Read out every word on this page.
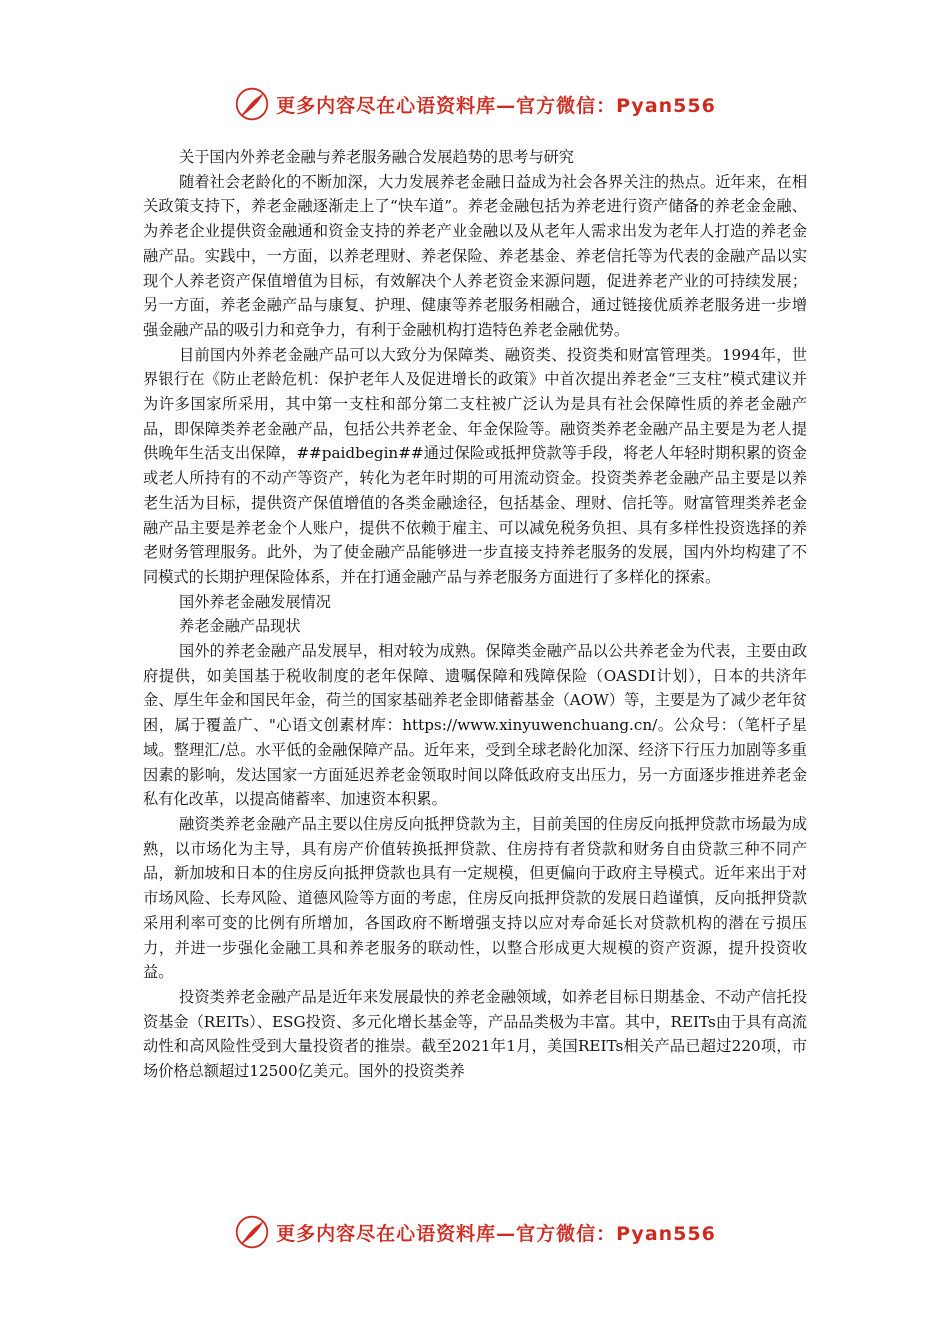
更多内容尽在心语资料库—官方微信：Pyan556
关于国内外养老金融与养老服务融合发展趋势的思考与研究

随着社会老龄化的不断加深，大力发展养老金融日益成为社会各界关注的热点。近年来，在相关政策支持下，养老金融逐渐走上了“快车道”。养老金融包括为养老进行资产储备的养老金金融、为养老企业提供资金融通和资金支持的养老产业金融以及从老年人需求出发为老年人打造的养老金融产品。实践中，一方面，以养老理财、养老保险、养老基金、养老信托等为代表的金融产品以实现个人养老资产保值增值为目标，有效解决个人养老资金来源问题，促进养老产业的可持续发展；另一方面，养老金融产品与康复、护理、健康等养老服务相融合，通过链接优质养老服务进一步增强金融产品的吸引力和竞争力，有利于金融机构打造特色养老金融优势。

目前国内外养老金融产品可以大致分为保障类、融资类、投资类和财富管理类。1994年，世界银行在《防止老龄危机：保护老年人及促进增长的政策》中首次提出养老金“三支柱”模式建议并为许多国家所采用，其中第一支柱和部分第二支柱被广泛认为是具有社会保障性质的养老金融产品，即保障类养老金融产品，包括公共养老金、年金保险等。融资类养老金融产品主要是为老人提供晚年生活支出保障，##paidbegin##通过保险或抵押贷款等手段，将老人年轻时期积累的资金或老人所持有的不动产等资产，转化为老年时期的可用流动资金。投资类养老金融产品主要是以养老生活为目标，提供资产保值增值的各类金融途径，包括基金、理财、信托等。财富管理类养老金融产品主要是养老金个人账户，提供不依赖于雇主、可以减免税务负担、具有多样性投资选择的养老财务管理服务。此外，为了使金融产品能够进一步直接支持养老服务的发展，国内外均构建了不同模式的长期护理保险体系，并在打通金融产品与养老服务方面进行了多样化的探索。

国外养老金融发展情况
养老金融产品现状

国外的养老金融产品发展早，相对较为成熟。保障类金融产品以公共养老金为代表，主要由政府提供，如美国基于税收制度的老年保障、遗嘱保障和残障保险（OASDI计划），日本的共济年金、厚生年金和国民年金，荷兰的国家基础养老金即储蓄基金（AOW）等，主要是为了减少老年贫困，属于覆盖广、"心语文创素材库：https://www.xinyuwenchuang.cn/。公众号：（笔杆子星域。整理汇/总。水平低的金融保障产品。近年来，受到全球老龄化加深、经济下行压力加剧等多重因素的影响，发达国家一方面延迟养老金领取时间以降低政府支出压力，另一方面逐步推进养老金私有化改革，以提高储蓄率、加速资本积累。

融资类养老金融产品主要以住房反向抵押贷款为主，目前美国的住房反向抵押贷款市场最为成熟，以市场化为主导，具有房产价值转换抵押贷款、住房持有者贷款和财务自由贷款三种不同产品，新加坡和日本的住房反向抵押贷款也具有一定规模，但更偏向于政府主导模式。近年来出于对市场风险、长寿风险、道德风险等方面的考虑，住房反向抵押贷款的发展日趋谨慎，反向抵押贷款采用利率可变的比例有所增加，各国政府不断增强支持以应对寿命延长对贷款机构的潜在亏损压力，并进一步强化金融工具和养老服务的联动性，以整合形成更大规模的资产资源，提升投资收益。

投资类养老金融产品是近年来发展最快的养老金融领域，如养老目标日期基金、不动产信托投资基金（REITs）、ESG投资、多元化增长基金等，产品品类极为丰富。其中，REITs由于具有高流动性和高风险性受到大量投资者的推崇。截至2021年1月，美国REITs相关产品已超过220项，市场价格总额超过12500亿美元。国外的投资类养

更多内容尽在心语资料库—官方微信：Pyan556
